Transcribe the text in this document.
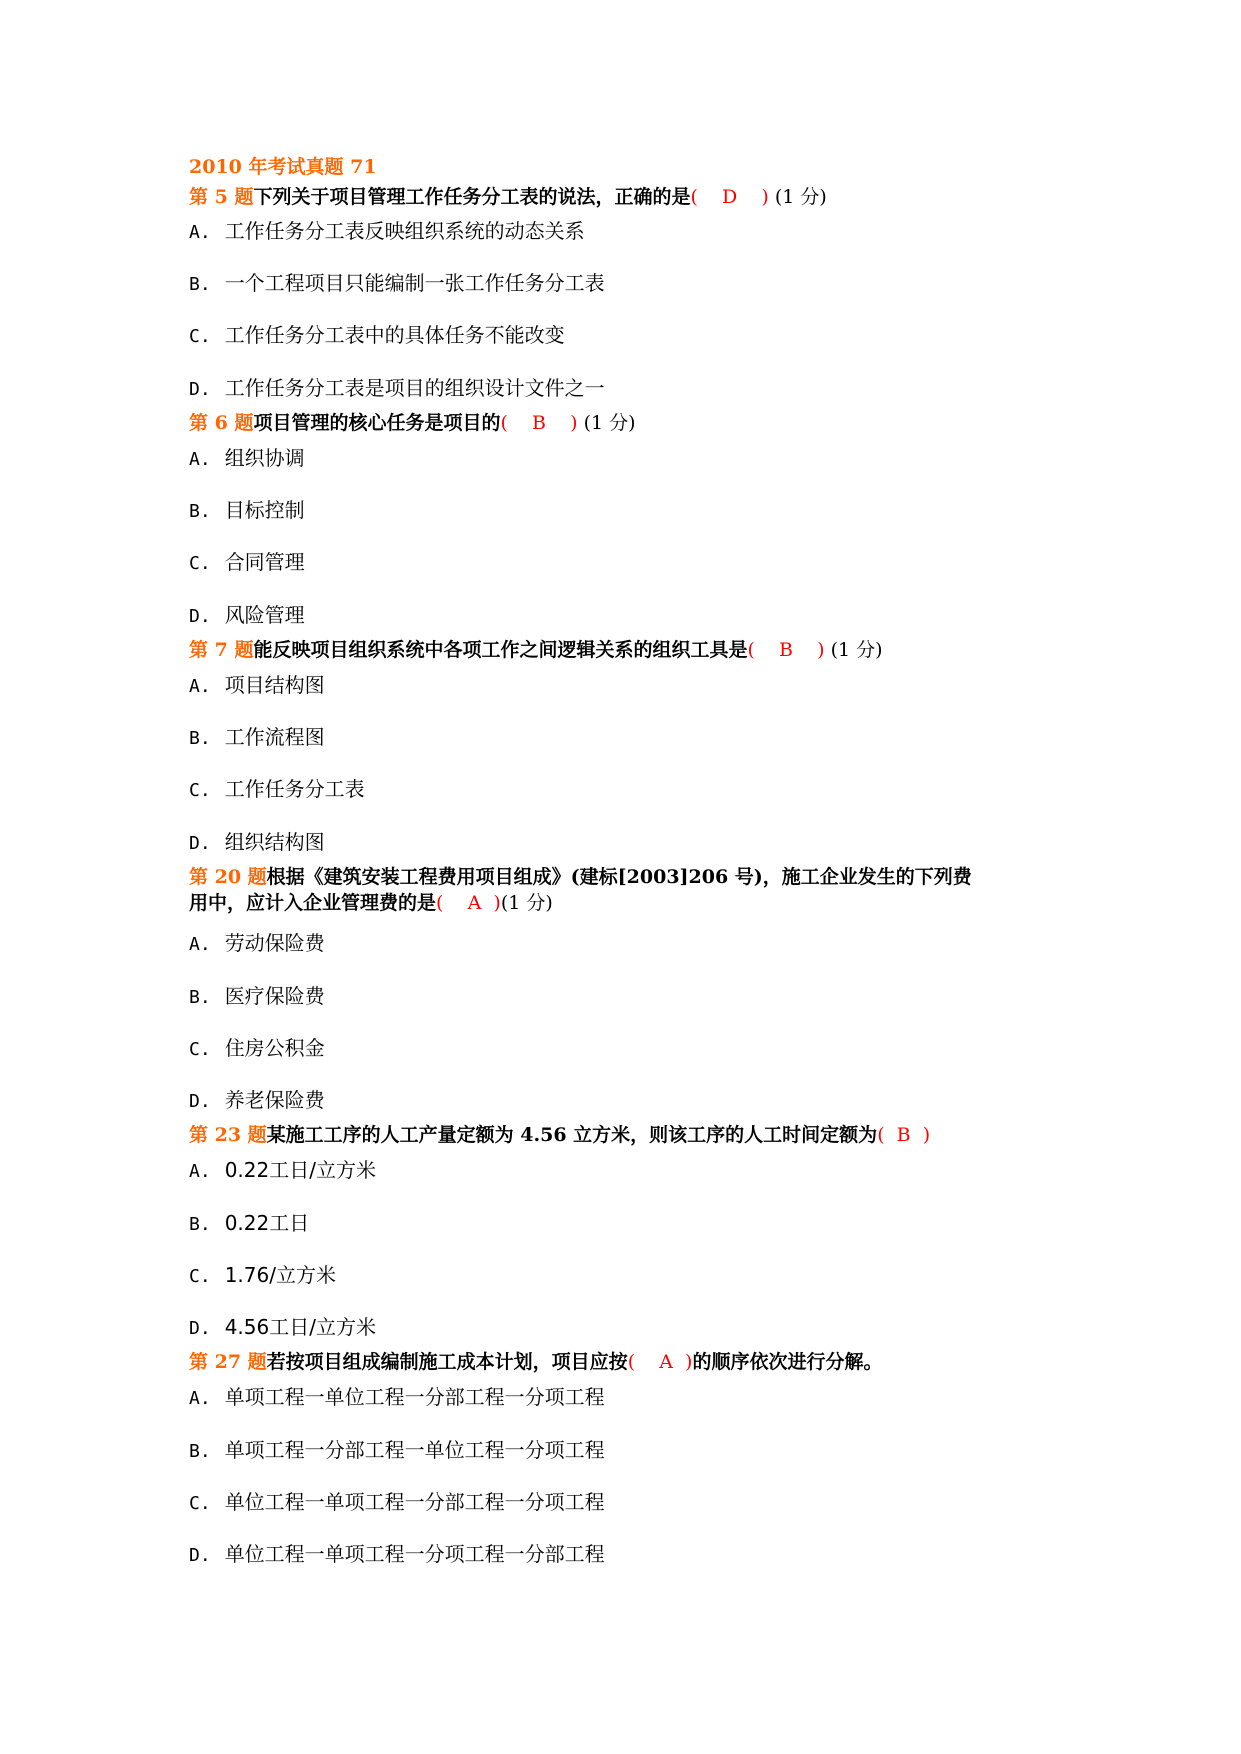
2010 年考试真题 71
第 5 题下列关于项目管理工作任务分工表的说法，正确的是(    D    ) (1 分)
A. 工作任务分工表反映组织系统的动态关系
B. 一个工程项目只能编制一张工作任务分工表
C. 工作任务分工表中的具体任务不能改变
D. 工作任务分工表是项目的组织设计文件之一
第 6 题项目管理的核心任务是项目的(    B    ) (1 分)
A. 组织协调
B. 目标控制
C. 合同管理
D. 风险管理
第 7 题能反映项目组织系统中各项工作之间逻辑关系的组织工具是(    B    ) (1 分)
A. 项目结构图
B. 工作流程图
C. 工作任务分工表
D. 组织结构图
第 20 题根据《建筑安装工程费用项目组成》(建标[2003]206 号)，施工企业发生的下列费
用中，应计入企业管理费的是(    A  )(1 分)
A. 劳动保险费
B. 医疗保险费
C. 住房公积金
D. 养老保险费
第 23 题某施工工序的人工产量定额为 4.56 立方米，则该工序的人工时间定额为(  B  )
A. 0.22工日/立方米
B. 0.22工日
C. 1.76/立方米
D. 4.56工日/立方米
第 27 题若按项目组成编制施工成本计划，项目应按(    A  )的顺序依次进行分解。
A. 单项工程一单位工程一分部工程一分项工程
B. 单项工程一分部工程一单位工程一分项工程
C. 单位工程一单项工程一分部工程一分项工程
D. 单位工程一单项工程一分项工程一分部工程
